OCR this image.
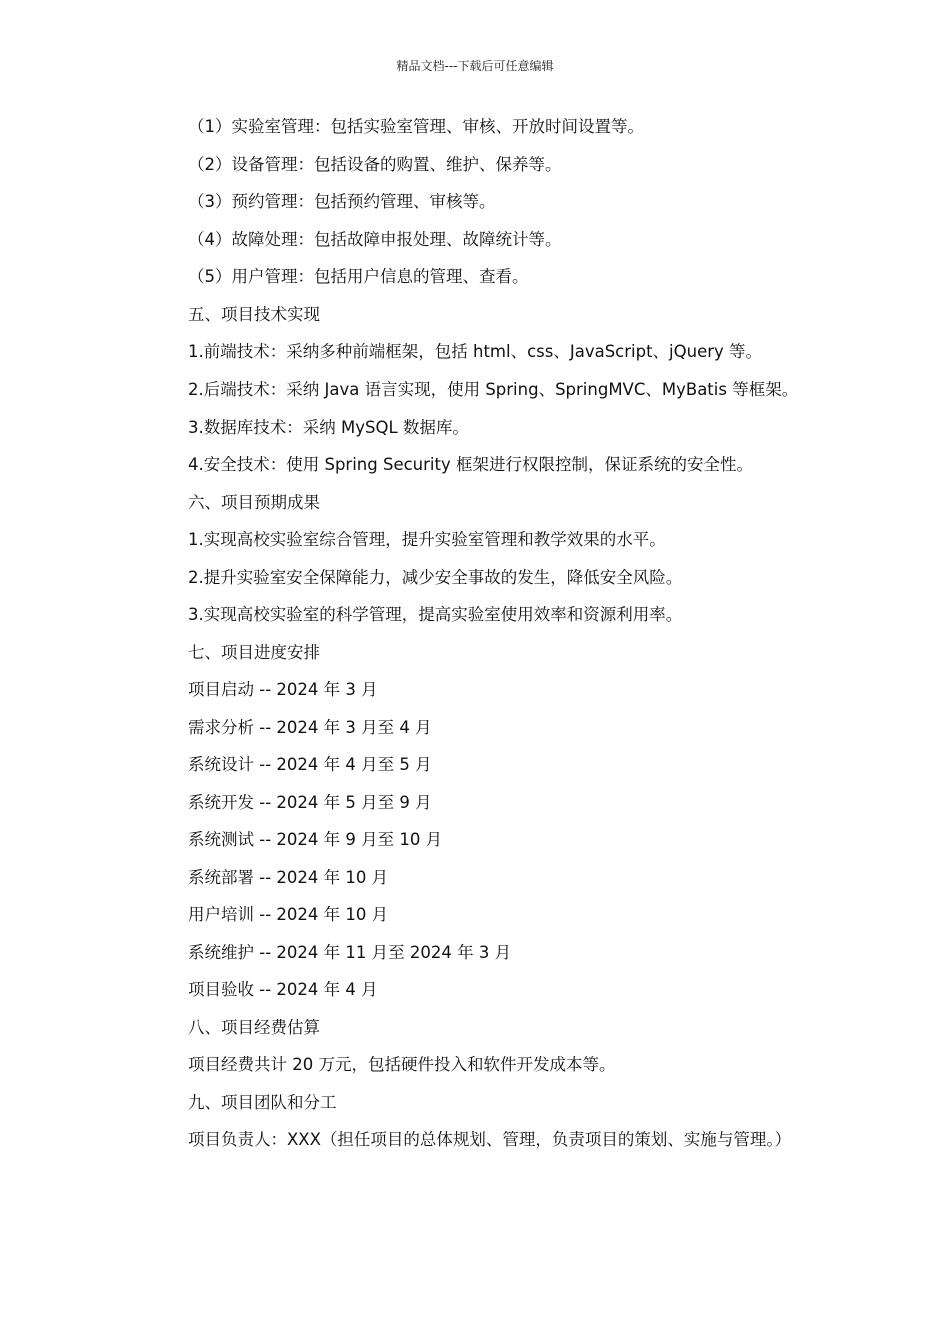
精品文档---下载后可任意编辑

（1）实验室管理：包括实验室管理、审核、开放时间设置等。

（2）设备管理：包括设备的购置、维护、保养等。

（3）预约管理：包括预约管理、审核等。

（4）故障处理：包括故障申报处理、故障统计等。

（5）用户管理：包括用户信息的管理、查看。

五、项目技术实现

1.前端技术：采纳多种前端框架，包括 html、css、JavaScript、jQuery 等。

2.后端技术：采纳 Java 语言实现，使用 Spring、SpringMVC、MyBatis 等框架。

3.数据库技术：采纳 MySQL 数据库。

4.安全技术：使用 Spring Security 框架进行权限控制，保证系统的安全性。

六、项目预期成果

1.实现高校实验室综合管理，提升实验室管理和教学效果的水平。

2.提升实验室安全保障能力，减少安全事故的发生，降低安全风险。

3.实现高校实验室的科学管理，提高实验室使用效率和资源利用率。

七、项目进度安排

项目启动 -- 2024 年 3 月

需求分析 -- 2024 年 3 月至 4 月

系统设计 -- 2024 年 4 月至 5 月

系统开发 -- 2024 年 5 月至 9 月

系统测试 -- 2024 年 9 月至 10 月

系统部署 -- 2024 年 10 月

用户培训 -- 2024 年 10 月

系统维护 -- 2024 年 11 月至 2024 年 3 月

项目验收 -- 2024 年 4 月

八、项目经费估算

项目经费共计 20 万元，包括硬件投入和软件开发成本等。

九、项目团队和分工

项目负责人：XXX（担任项目的总体规划、管理，负责项目的策划、实施与管理。）
